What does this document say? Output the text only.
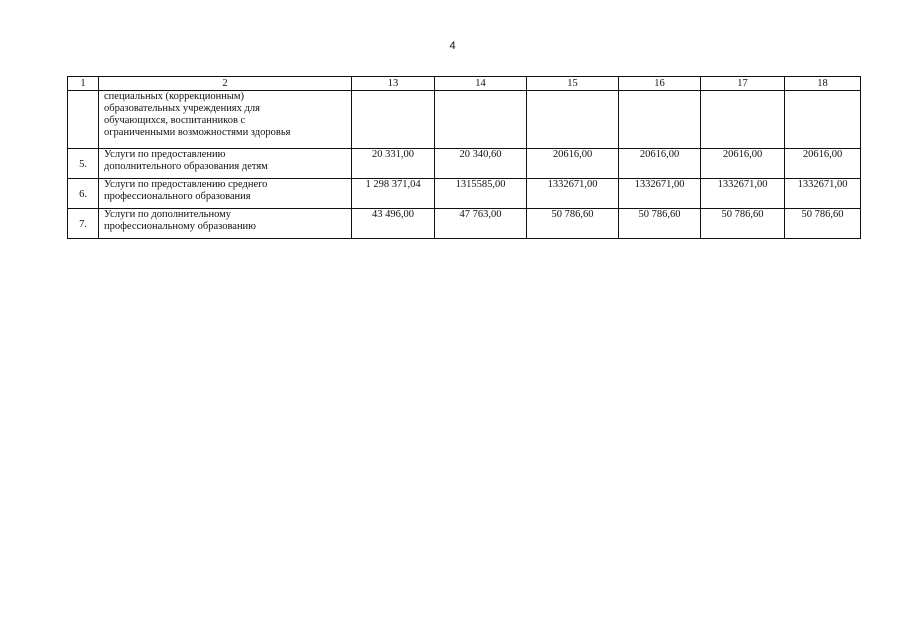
4
1	2	13	14	15	16	17	18

	специальных (коррекционным)
образовательных учреждениях для
обучающихся, воспитанников с
ограниченными возможностями здоровья						

5.	Услуги по предоставлению
дополнительного образования детям	20 331,00	20 340,60	20616,00	20616,00	20616,00	20616,00
6.	Услуги по предоставлению среднего
профессионального образования	1 298 371,04	1315585,00	1332671,00	1332671,00	1332671,00	1332671,00
7.	Услуги по дополнительному
профессиональному образованию	43 496,00	47 763,00	50 786,60	50 786,60	50 786,60	50 786,60
